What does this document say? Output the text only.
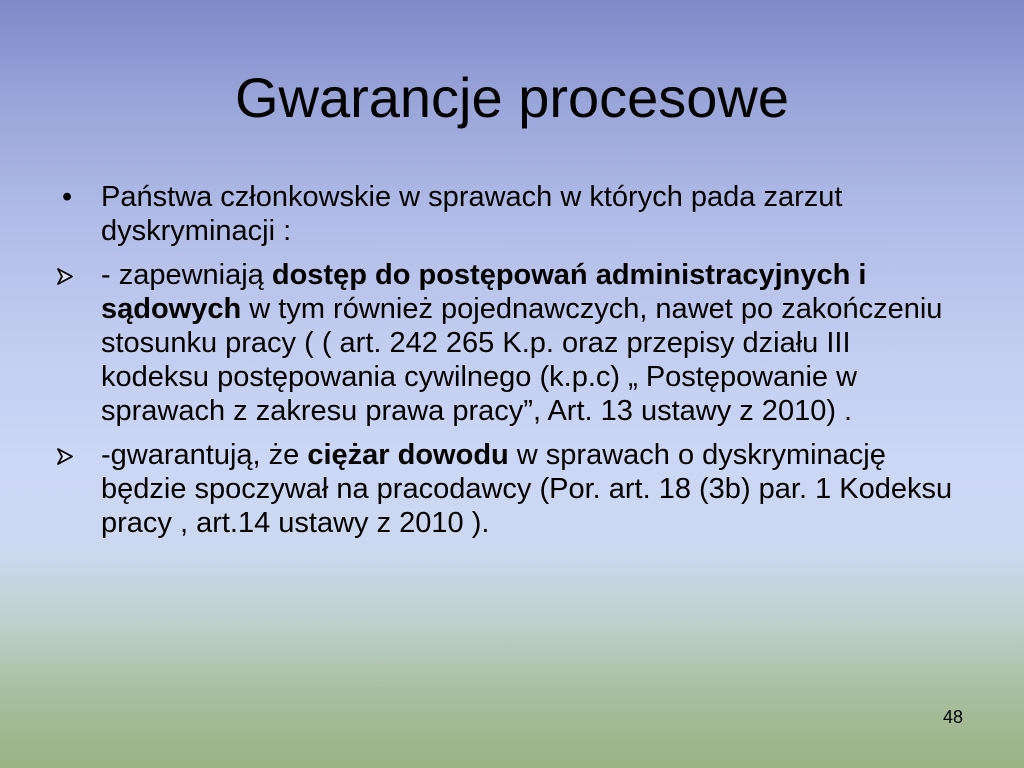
Gwarancje procesowe
• Państwa członkowskie w sprawach w których pada zarzut dyskryminacji :
- zapewniają dostęp do postępowań administracyjnych i sądowych w tym również pojednawczych, nawet po zakończeniu stosunku pracy ( ( art. 242 265 K.p. oraz przepisy działu III kodeksu postępowania cywilnego (k.p.c) „ Postępowanie w sprawach z zakresu prawa pracy”, Art. 13 ustawy z 2010) .
-gwarantują, że ciężar dowodu w sprawach o dyskryminację będzie spoczywał na pracodawcy (Por. art. 18 (3b) par. 1 Kodeksu pracy , art.14 ustawy z 2010 ).
48
